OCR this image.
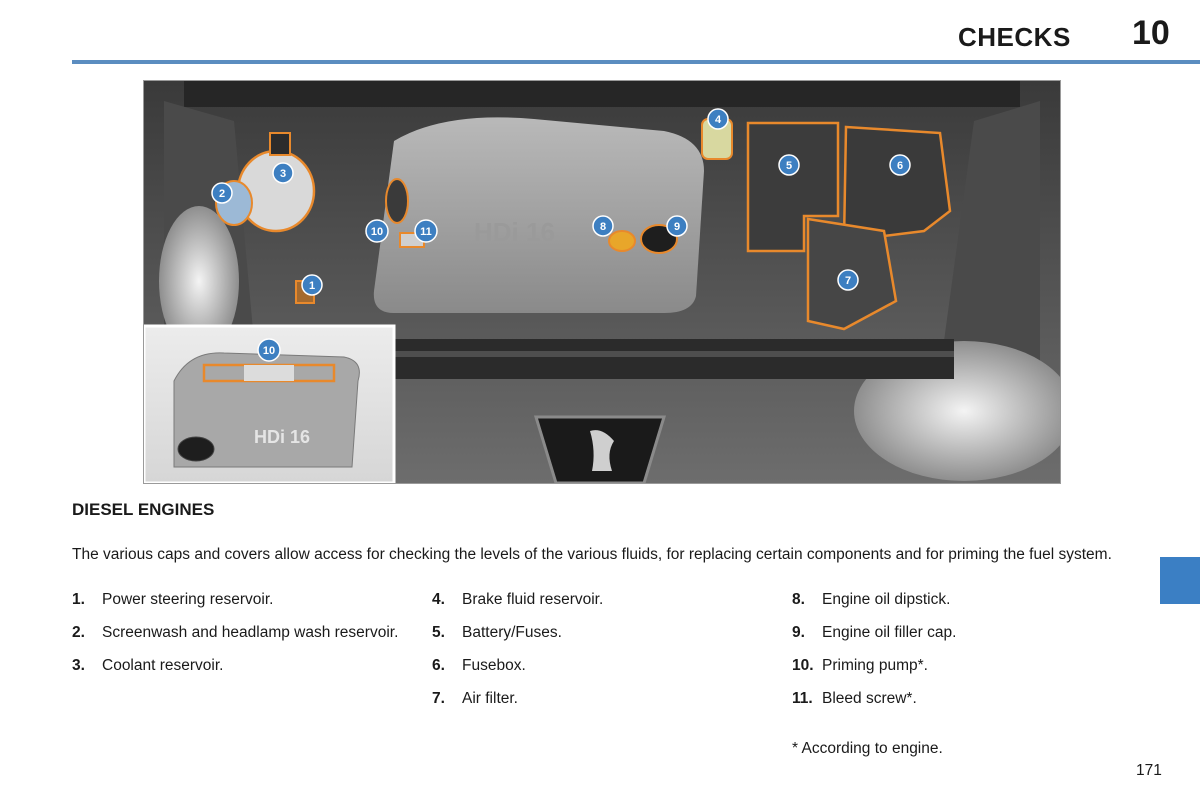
CHECKS 10
HDi 16
HDi 16
1
2
3
4
5	6
7
8	9
10	11
10
DIESEL ENGINES
The various caps and covers allow access for checking the levels of the various fluids, for replacing certain components and for priming the fuel system.
1. Power steering reservoir.
2. Screenwash and headlamp wash reservoir.
3. Coolant reservoir.
4. Brake fluid reservoir.
5. Battery/Fuses.
6. Fusebox.
7. Air filter.
8. Engine oil dipstick.
9. Engine oil filler cap.
10. Priming pump*.
11. Bleed screw*.
* According to engine.
171
